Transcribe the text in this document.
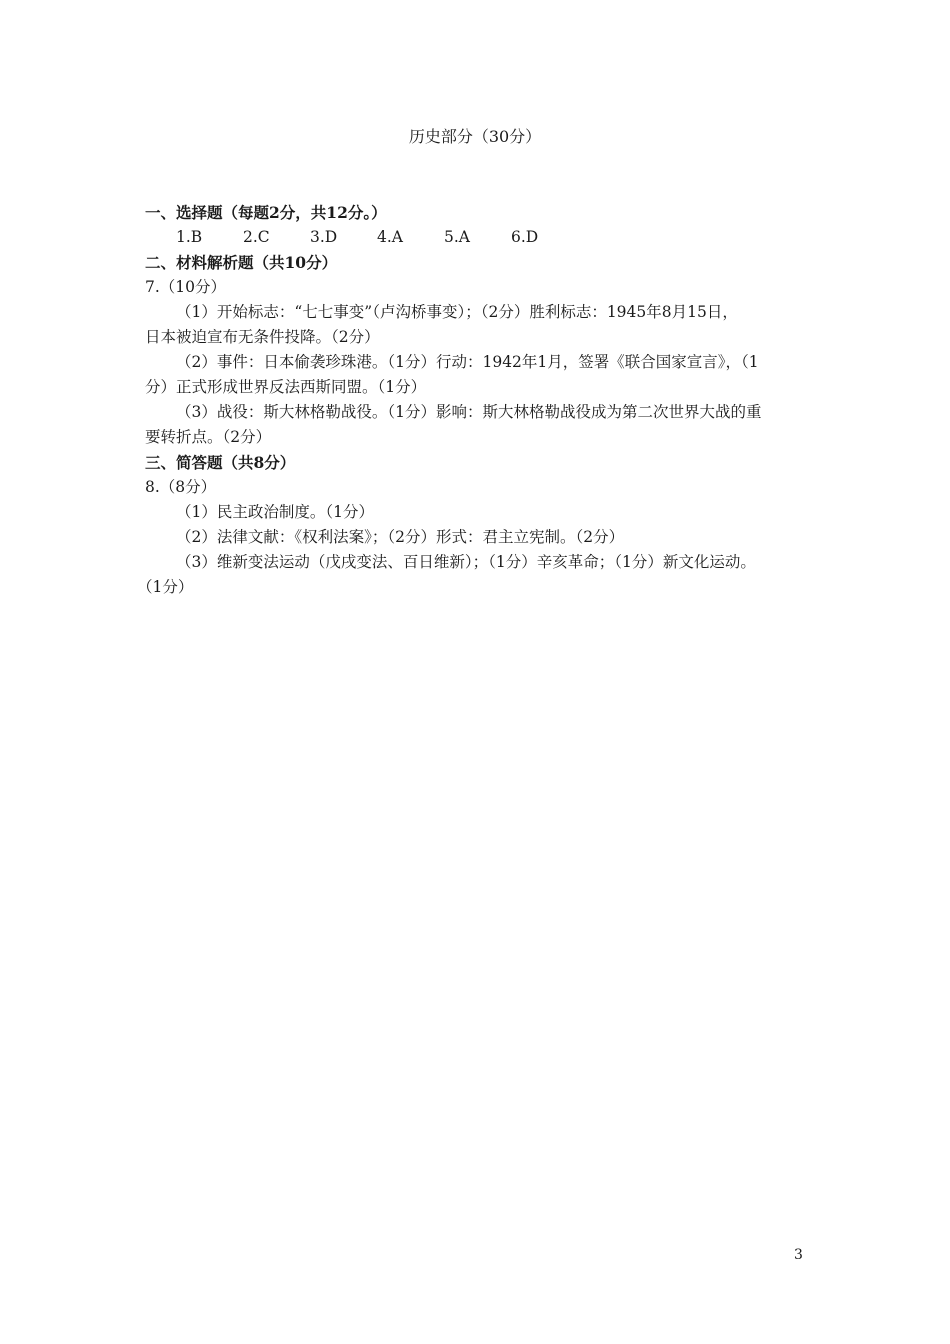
历史部分（30分）
一、选择题（每题2分，共12分。）
1.B	2.C	3.D	4.A	5.A	6.D
二、材料解析题（共10分）
7.（10分）
（1）开始标志：“七七事变”（卢沟桥事变）；（2分）胜利标志：1945年8月15日，
日本被迫宣布无条件投降。（2分）
（2）事件：日本偷袭珍珠港。（1分）行动：1942年1月，签署《联合国家宣言》，（1
分）正式形成世界反法西斯同盟。（1分）
（3）战役：斯大林格勒战役。（1分）影响：斯大林格勒战役成为第二次世界大战的重
要转折点。（2分）
三、简答题（共8分）
8.（8分）
（1）民主政治制度。（1分）
（2）法律文献：《权利法案》；（2分）形式：君主立宪制。（2分）
（3）维新变法运动（戊戌变法、百日维新）；（1分）辛亥革命；（1分）新文化运动。
（1分）
3
